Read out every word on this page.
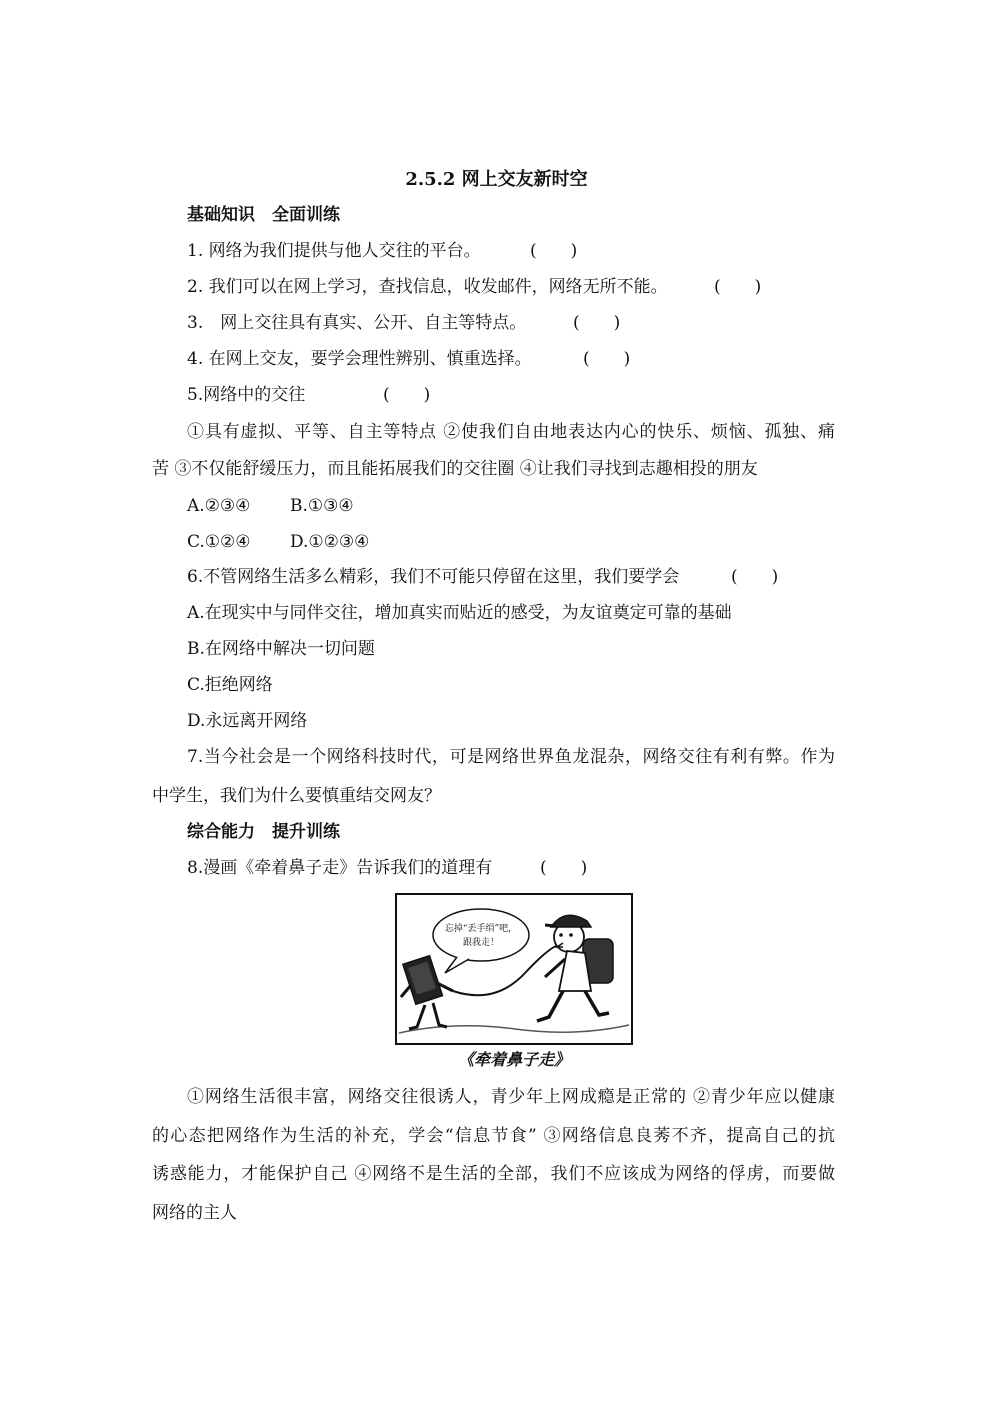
2.5.2 网上交友新时空
基础知识　全面训练
1. 网络为我们提供与他人交往的平台。	(　　)
2. 我们可以在网上学习，查找信息，收发邮件，网络无所不能。	(　　)
3.　网上交往具有真实、公开、自主等特点。	(　　)
4. 在网上交友，要学会理性辨别、慎重选择。	(　　)
5.网络中的交往	(　　)
①具有虚拟、平等、自主等特点 ②使我们自由地表达内心的快乐、烦恼、孤独、痛
苦 ③不仅能舒缓压力，而且能拓展我们的交往圈 ④让我们寻找到志趣相投的朋友
A.②③④ B.①③④
C.①②④ D.①②③④
6.不管网络生活多么精彩，我们不可能只停留在这里，我们要学会	(　　)
A.在现实中与同伴交往，增加真实而贴近的感受，为友谊奠定可靠的基础
B.在网络中解决一切问题
C.拒绝网络
D.永远离开网络
7.当今社会是一个网络科技时代，可是网络世界鱼龙混杂，网络交往有利有弊。作为
中学生，我们为什么要慎重结交网友？
综合能力　提升训练
8.漫画《牵着鼻子走》告诉我们的道理有	(　　)
忘掉“丢手绢”吧，
跟我走！
《牵着鼻子走》
①网络生活很丰富，网络交往很诱人，青少年上网成瘾是正常的 ②青少年应以健康
的心态把网络作为生活的补充，学会“信息节食” ③网络信息良莠不齐，提高自己的抗
诱惑能力，才能保护自己 ④网络不是生活的全部，我们不应该成为网络的俘虏，而要做
网络的主人
